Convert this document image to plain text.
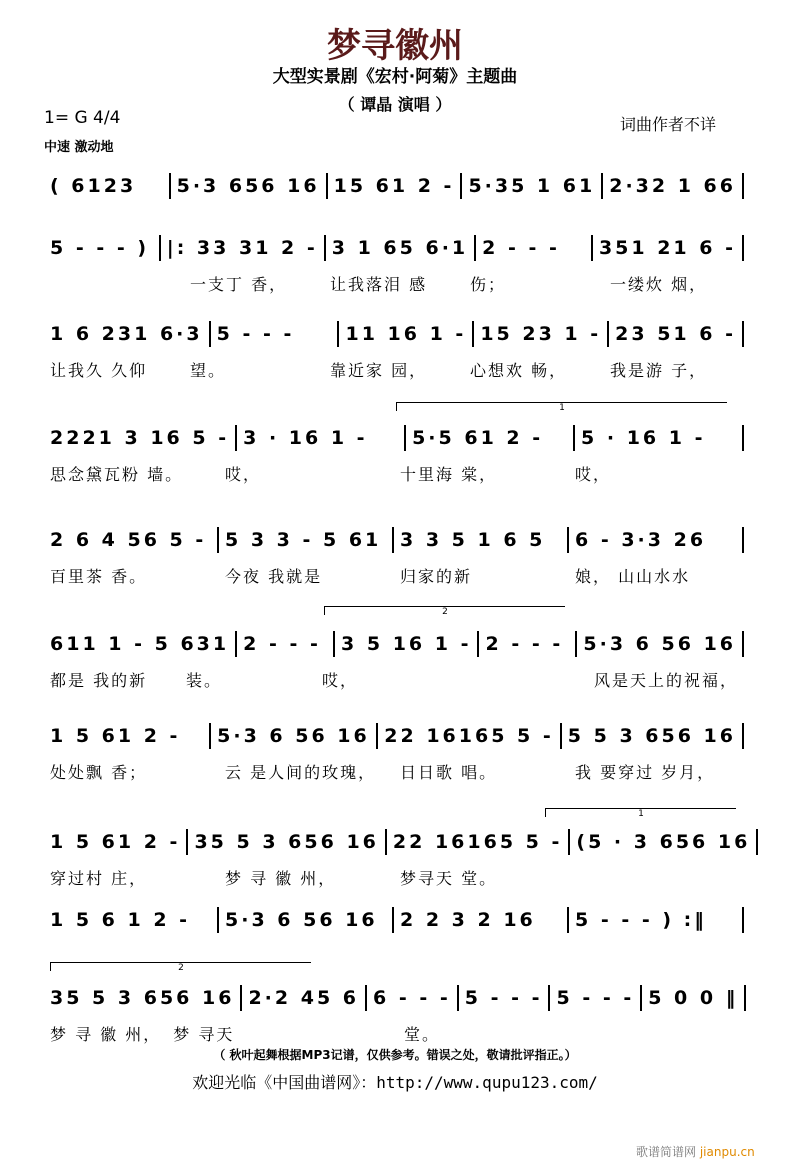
梦寻徽州
大型实景剧《宏村·阿菊》主题曲
（ 谭晶 演唱 ）
1= G 4/4
中速 激动地
词曲作者不详
( 6123	5·3 656 16 15 61 2 - 5·35 1 61 2·32 1 66
5 - - - ) |: 33 31 2 - 3 1 65 6·1 2 - - -	351 21 6 -
一支丁 香，	让我落泪 感	伤；	一缕炊 烟，
1 6 231 6·3 5 - - -	11 16 1 - 15 23 1 - 23 51 6 -
让我久 久仰	望。	靠近家 园，	心想欢 畅，	我是游 子，
2221 3 16 5 - 3 · 16 1 -	5·5 61 2 -	5 · 16 1 -
思念黛瓦粉 墙。	哎，	十里海 棠，	哎，
2 6 4 56 5 - 5 3 3 - 5 61 3 3 5 1 6 5	6 - 3·3 26
百里茶 香。	今夜 我就是	归家的新	娘， 山山水水
611 1 - 5 631 2 - - -	3 5 16 1 - 2 - - -	5·3 6 56 16
都是 我的新	装。	哎，	风是天上的祝福，
1 5 61 2 -	5·3 6 56 16 22 16165 5 - 5 5 3 656 16
处处飘 香；	云 是人间的玫瑰，	日日歌 唱。	我 要穿过 岁月，
1 5 61 2 - 35 5 3 656 16 22 16165 5 - (5 · 3 656 16
穿过村 庄，	梦 寻 徽 州，	梦寻天 堂。
1 5 6 1 2 -	5·3 6 56 16	2 2 3 2 16	5 - - - ) :‖
35 5 3 656 16 2·2 45 6 6 - - - 5 - - - 5 - - - 5 0 0 ‖
梦 寻 徽 州， 梦 寻天	堂。
1
2
1
2
（ 秋叶起舞根据MP3记谱，仅供参考。错误之处，敬请批评指正。）
欢迎光临《中国曲谱网》：http://www.qupu123.com/
歌谱简谱网 jianpu.cn
